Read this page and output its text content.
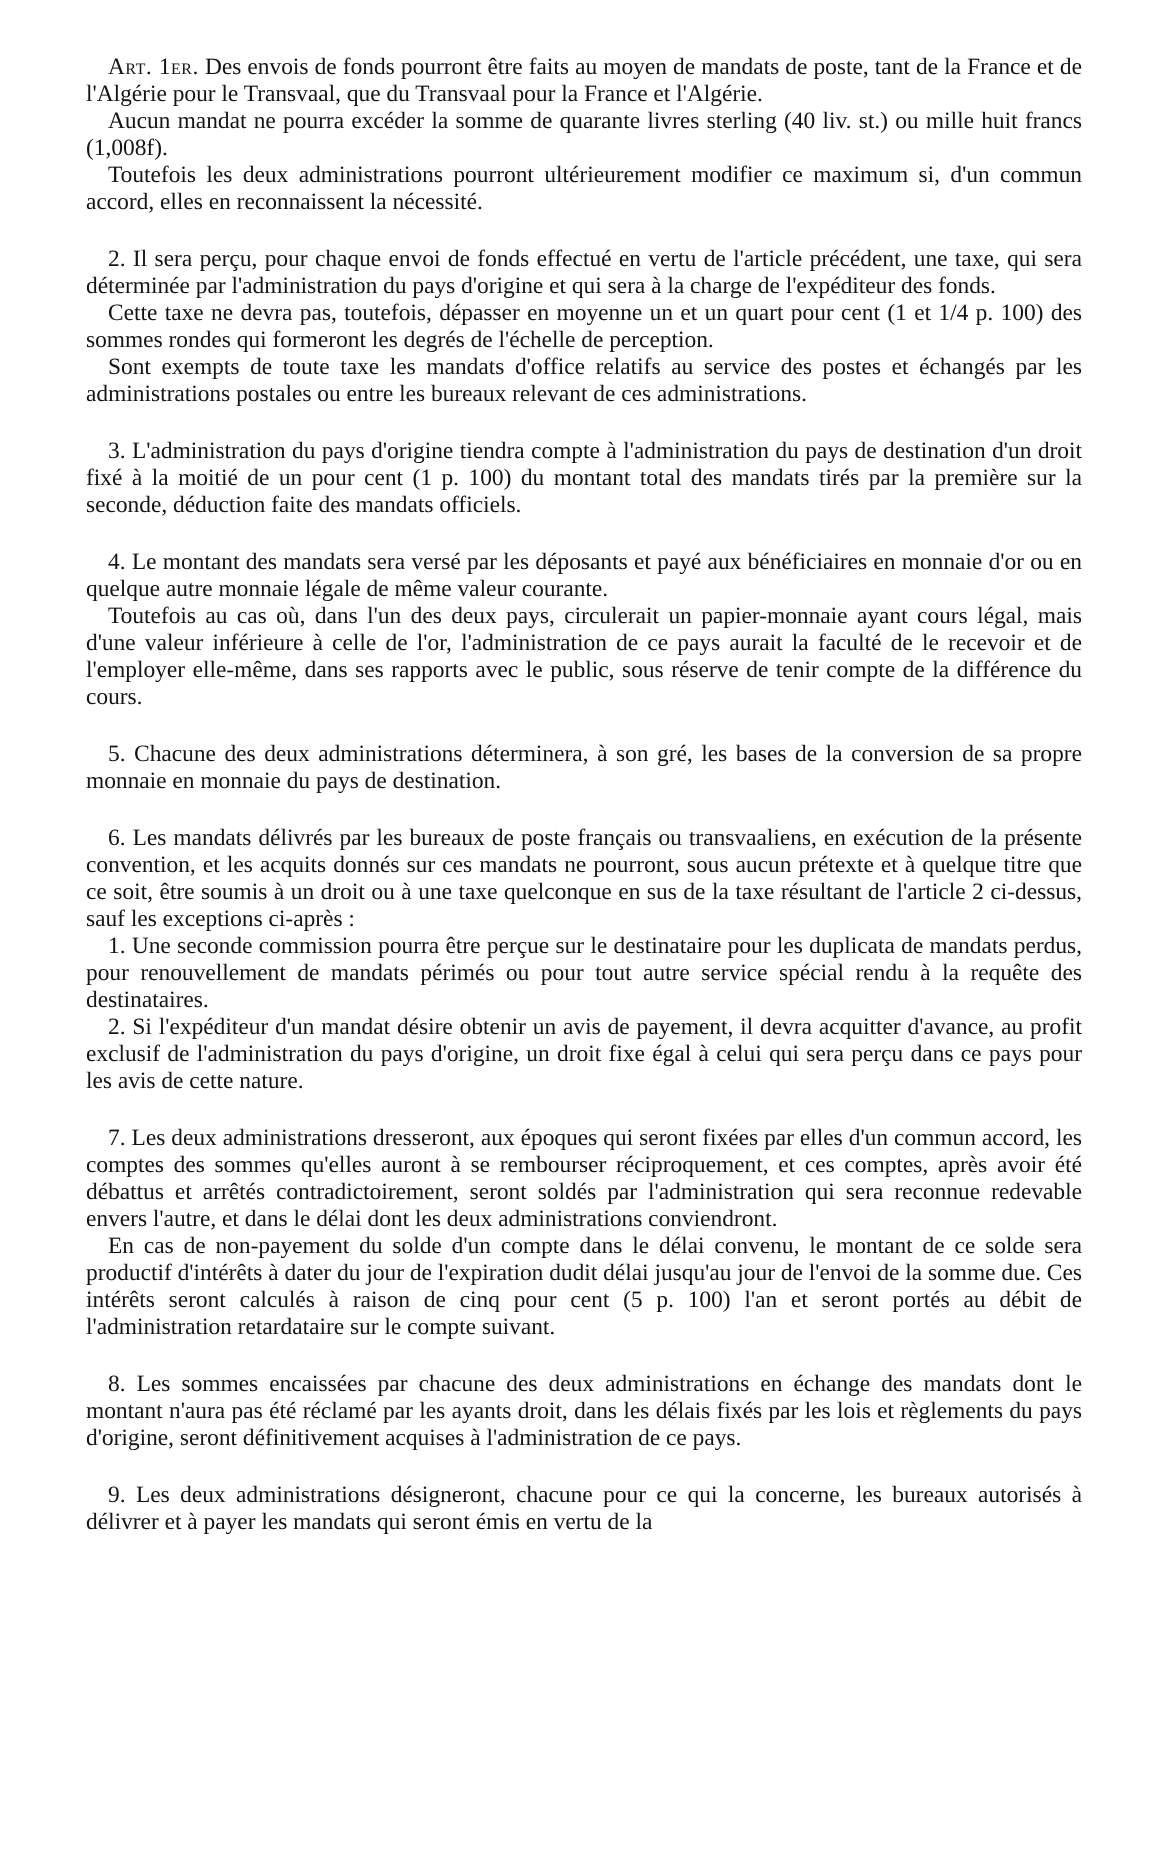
Art. 1er. Des envois de fonds pourront être faits au moyen de mandats de poste, tant de la France et de l'Algérie pour le Transvaal, que du Transvaal pour la France et l'Algérie.

Aucun mandat ne pourra excéder la somme de quarante livres sterling (40 liv. st.) ou mille huit francs (1,008f).

Toutefois les deux administrations pourront ultérieurement modifier ce maximum si, d'un commun accord, elles en reconnaissent la nécessité.

2. Il sera perçu, pour chaque envoi de fonds effectué en vertu de l'article précédent, une taxe, qui sera déterminée par l'administration du pays d'origine et qui sera à la charge de l'expéditeur des fonds.

Cette taxe ne devra pas, toutefois, dépasser en moyenne un et un quart pour cent (1 et 1/4 p. 100) des sommes rondes qui formeront les degrés de l'échelle de perception.

Sont exempts de toute taxe les mandats d'office relatifs au service des postes et échangés par les administrations postales ou entre les bureaux relevant de ces administrations.

3. L'administration du pays d'origine tiendra compte à l'administration du pays de destination d'un droit fixé à la moitié de un pour cent (1 p. 100) du montant total des mandats tirés par la première sur la seconde, déduction faite des mandats officiels.

4. Le montant des mandats sera versé par les déposants et payé aux bénéficiaires en monnaie d'or ou en quelque autre monnaie légale de même valeur courante.

Toutefois au cas où, dans l'un des deux pays, circulerait un papier-monnaie ayant cours légal, mais d'une valeur inférieure à celle de l'or, l'administration de ce pays aurait la faculté de le recevoir et de l'employer elle-même, dans ses rapports avec le public, sous réserve de tenir compte de la différence du cours.

5. Chacune des deux administrations déterminera, à son gré, les bases de la conversion de sa propre monnaie en monnaie du pays de destination.

6. Les mandats délivrés par les bureaux de poste français ou transvaaliens, en exécution de la présente convention, et les acquits donnés sur ces mandats ne pourront, sous aucun prétexte et à quelque titre que ce soit, être soumis à un droit ou à une taxe quelconque en sus de la taxe résultant de l'article 2 ci-dessus, sauf les exceptions ci-après :

1. Une seconde commission pourra être perçue sur le destinataire pour les duplicata de mandats perdus, pour renouvellement de mandats périmés ou pour tout autre service spécial rendu à la requête des destinataires.

2. Si l'expéditeur d'un mandat désire obtenir un avis de payement, il devra acquitter d'avance, au profit exclusif de l'administration du pays d'origine, un droit fixe égal à celui qui sera perçu dans ce pays pour les avis de cette nature.

7. Les deux administrations dresseront, aux époques qui seront fixées par elles d'un commun accord, les comptes des sommes qu'elles auront à se rembourser réciproquement, et ces comptes, après avoir été débattus et arrêtés contradictoirement, seront soldés par l'administration qui sera reconnue redevable envers l'autre, et dans le délai dont les deux administrations conviendront.

En cas de non-payement du solde d'un compte dans le délai convenu, le montant de ce solde sera productif d'intérêts à dater du jour de l'expiration dudit délai jusqu'au jour de l'envoi de la somme due. Ces intérêts seront calculés à raison de cinq pour cent (5 p. 100) l'an et seront portés au débit de l'administration retardataire sur le compte suivant.

8. Les sommes encaissées par chacune des deux administrations en échange des mandats dont le montant n'aura pas été réclamé par les ayants droit, dans les délais fixés par les lois et règlements du pays d'origine, seront définitivement acquises à l'administration de ce pays.

9. Les deux administrations désigneront, chacune pour ce qui la concerne, les bureaux autorisés à délivrer et à payer les mandats qui seront émis en vertu de la
